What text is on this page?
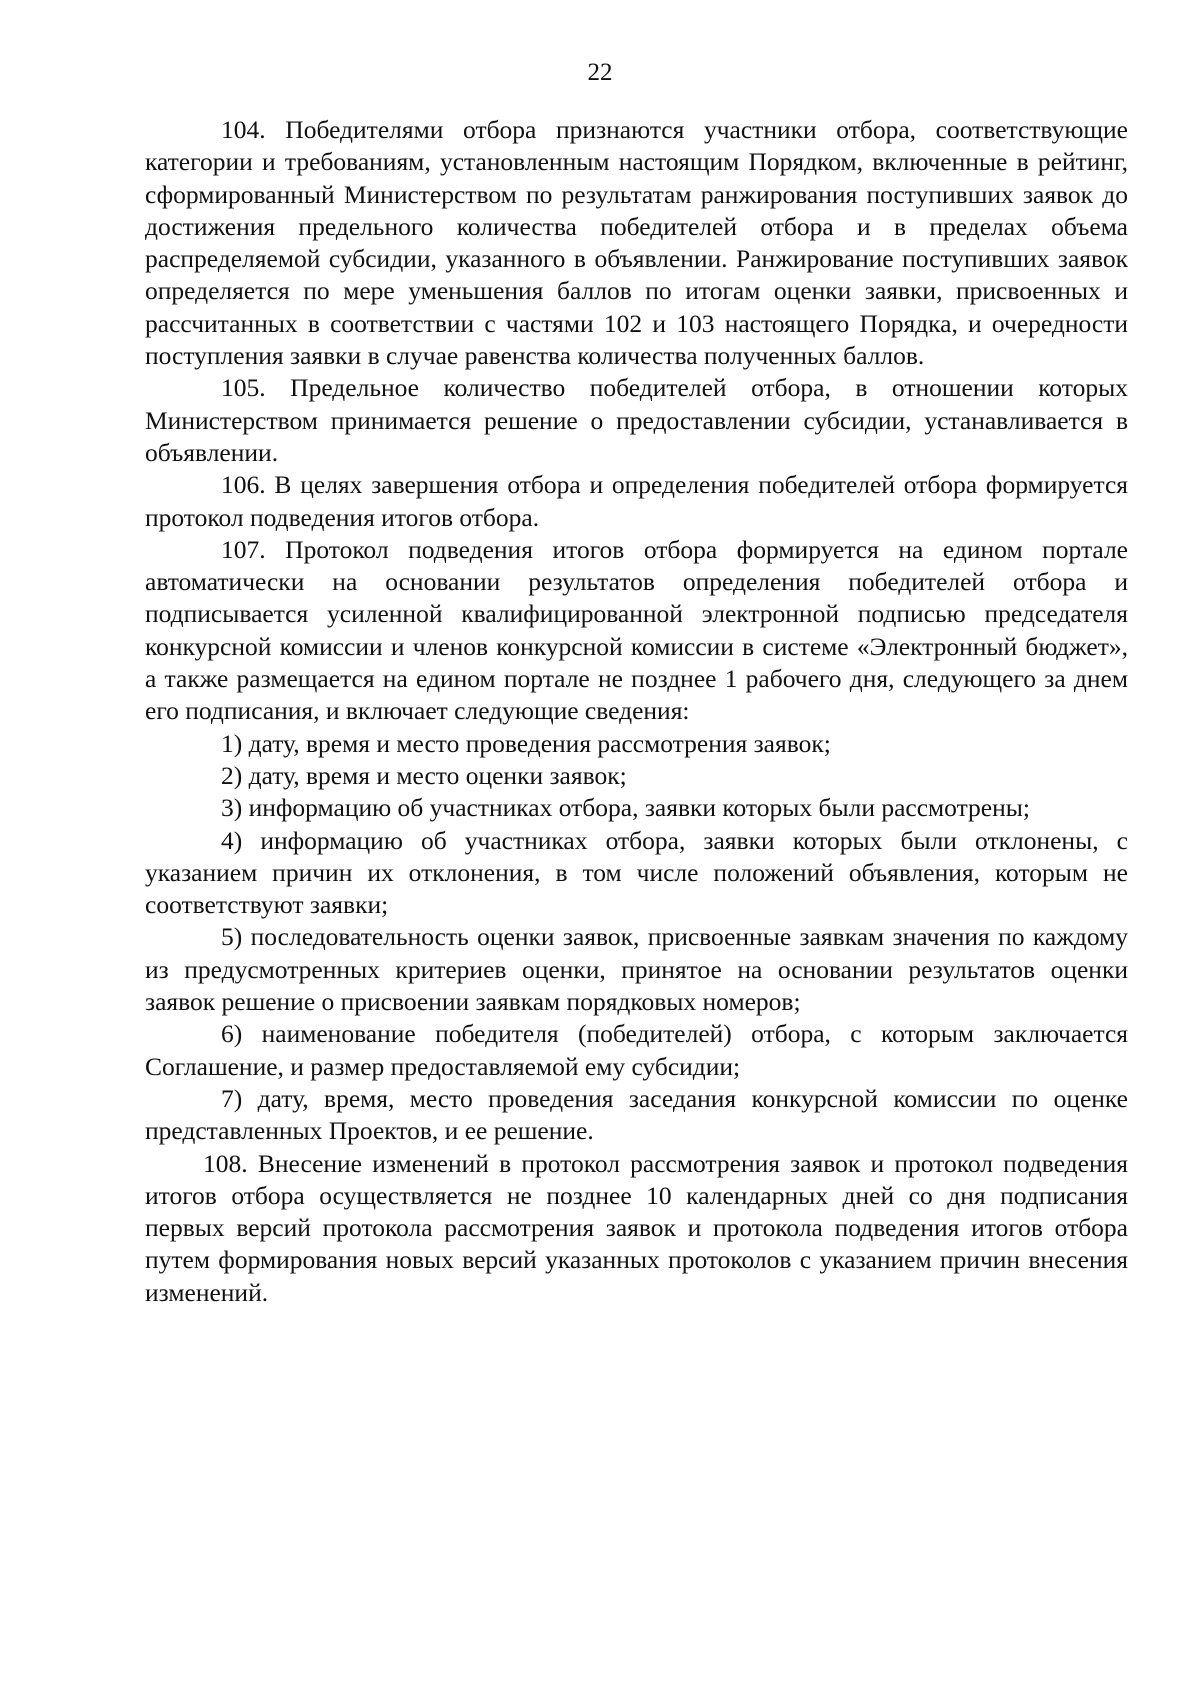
22

104. Победителями отбора признаются участники отбора, соответствующие категории и требованиям, установленным настоящим Порядком, включенные в рейтинг, сформированный Министерством по результатам ранжирования поступивших заявок до достижения предельного количества победителей отбора и в пределах объема распределяемой субсидии, указанного в объявлении. Ранжирование поступивших заявок определяется по мере уменьшения баллов по итогам оценки заявки, присвоенных и рассчитанных в соответствии с частями 102 и 103 настоящего Порядка, и очередности поступления заявки в случае равенства количества полученных баллов.

105. Предельное количество победителей отбора, в отношении которых Министерством принимается решение о предоставлении субсидии, устанавливается в объявлении.

106. В целях завершения отбора и определения победителей отбора формируется протокол подведения итогов отбора.

107. Протокол подведения итогов отбора формируется на едином портале автоматически на основании результатов определения победителей отбора и подписывается усиленной квалифицированной электронной подписью председателя конкурсной комиссии и членов конкурсной комиссии в системе «Электронный бюджет», а также размещается на едином портале не позднее 1 рабочего дня, следующего за днем его подписания, и включает следующие сведения:

1) дату, время и место проведения рассмотрения заявок;

2) дату, время и место оценки заявок;

3) информацию об участниках отбора, заявки которых были рассмотрены;

4) информацию об участниках отбора, заявки которых были отклонены, с указанием причин их отклонения, в том числе положений объявления, которым не соответствуют заявки;

5) последовательность оценки заявок, присвоенные заявкам значения по каждому из предусмотренных критериев оценки, принятое на основании результатов оценки заявок решение о присвоении заявкам порядковых номеров;

6) наименование победителя (победителей) отбора, с которым заключается Соглашение, и размер предоставляемой ему субсидии;

7) дату, время, место проведения заседания конкурсной комиссии по оценке представленных Проектов, и ее решение.

108. Внесение изменений в протокол рассмотрения заявок и протокол подведения итогов отбора осуществляется не позднее 10 календарных дней со дня подписания первых версий протокола рассмотрения заявок и протокола подведения итогов отбора путем формирования новых версий указанных протоколов с указанием причин внесения изменений.
